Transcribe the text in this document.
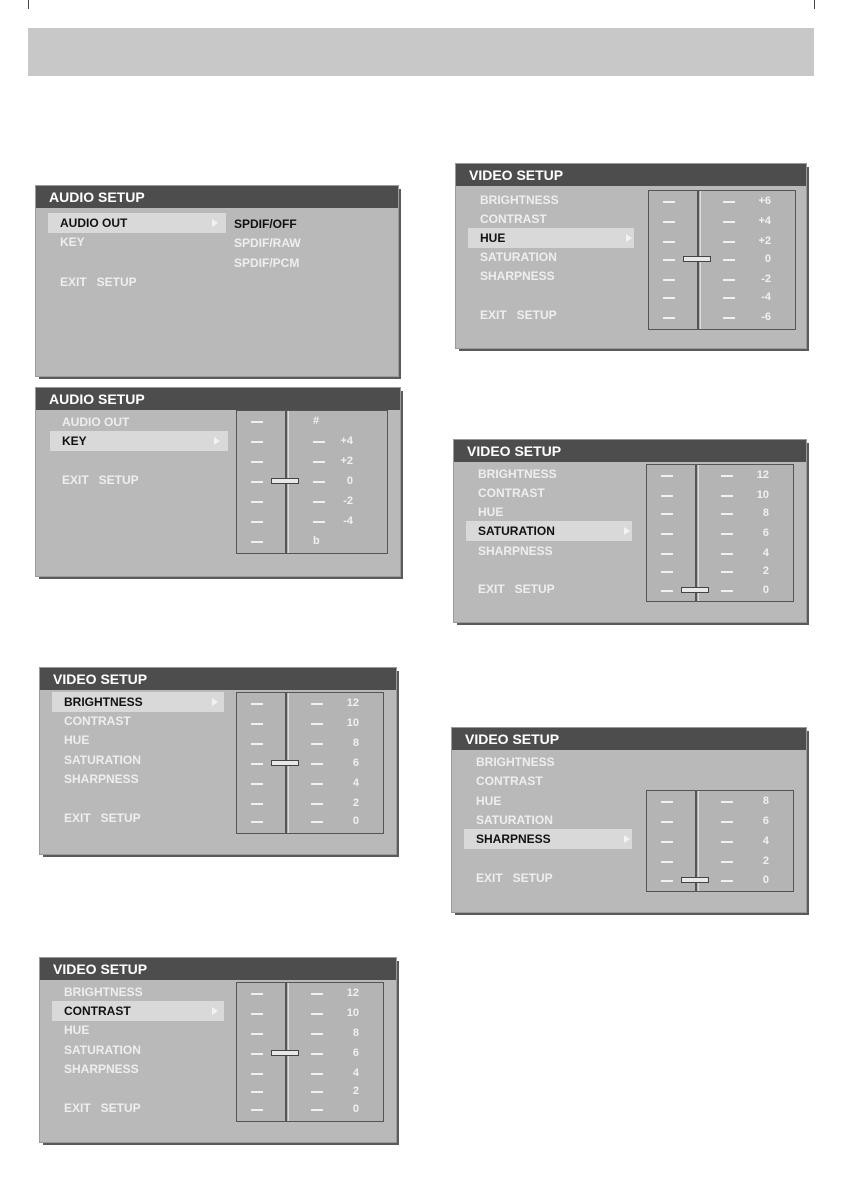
AUDIO SETUP
AUDIO OUT
KEY
EXIT   SETUP
SPDIF/OFF
SPDIF/RAW
SPDIF/PCM
AUDIO SETUP
AUDIO OUT
KEY
EXIT   SETUP
#
+4
+2
0
-2
-4
b
VIDEO SETUP
BRIGHTNESS
CONTRAST
HUE
SATURATION
SHARPNESS
EXIT   SETUP
12
10
8
6
4
2
0
VIDEO SETUP
BRIGHTNESS
CONTRAST
HUE
SATURATION
SHARPNESS
EXIT   SETUP
12
10
8
6
4
2
0
VIDEO SETUP
BRIGHTNESS
CONTRAST
HUE
SATURATION
SHARPNESS
EXIT   SETUP
+6
+4
+2
0
-2
-4
-6
VIDEO SETUP
BRIGHTNESS
CONTRAST
HUE
SATURATION
SHARPNESS
EXIT   SETUP
12
10
8
6
4
2
0
VIDEO SETUP
BRIGHTNESS
CONTRAST
HUE
SATURATION
SHARPNESS
EXIT   SETUP
8
6
4
2
0
